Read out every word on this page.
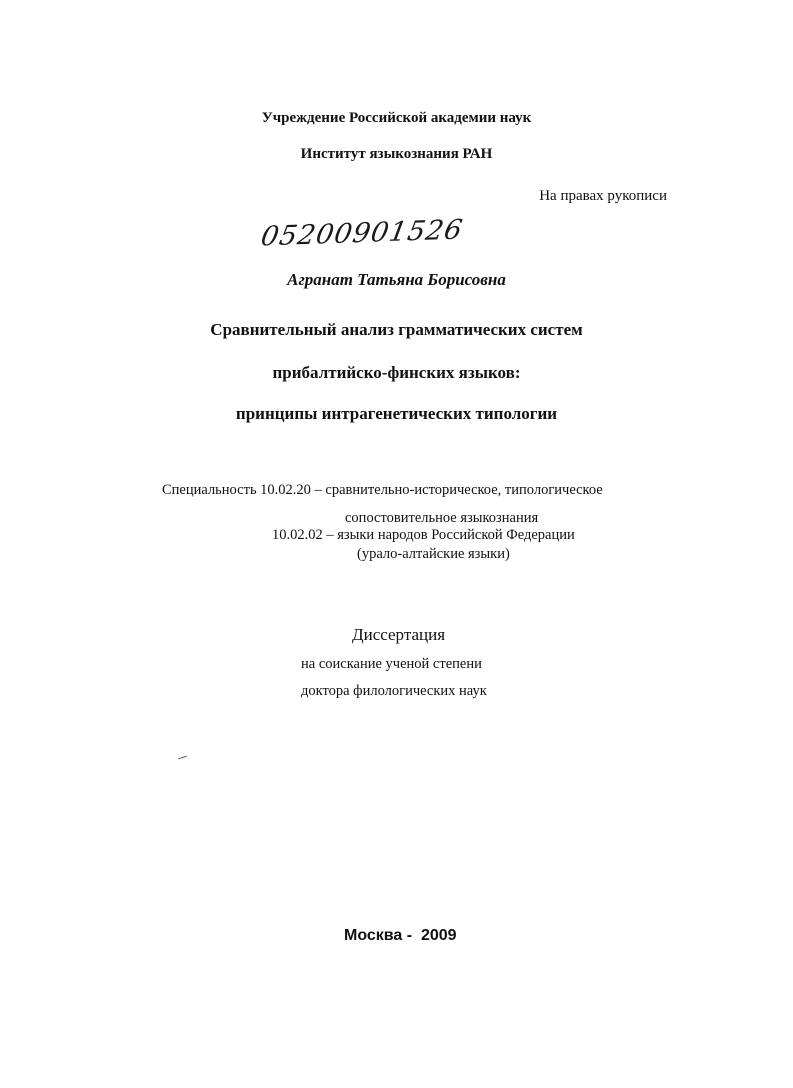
Учреждение Российской академии наук
Институт языкознания РАН
На правах рукописи
05200901526
Агранат Татьяна Борисовна
Сравнительный анализ грамматических систем
прибалтийско-финских языков:
принципы интрагенетических типологии
Специальность 10.02.20 – сравнительно-историческое, типологическое
сопостовительное языкознания
10.02.02 – языки народов Российской Федерации
(урало-алтайские языки)
Диссертация
на соискание ученой степени
доктора филологических наук
Москва -  2009
